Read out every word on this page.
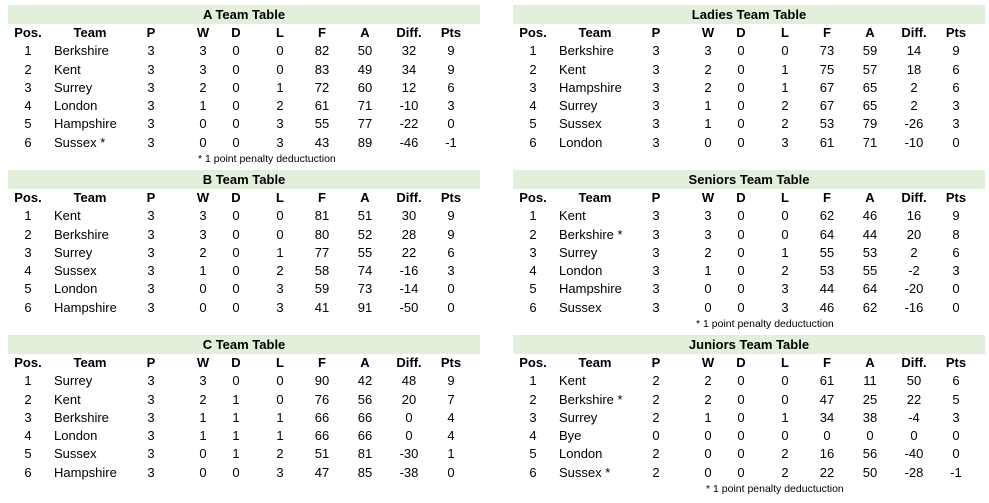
A Team Table
Pos.	Team	P	W	D	L	F	A	Diff.	Pts
1	Berkshire	3	3	0	0	82	50	32	9
2	Kent	3	3	0	0	83	49	34	9
3	Surrey	3	2	0	1	72	60	12	6
4	London	3	1	0	2	61	71	-10	3
5	Hampshire	3	0	0	3	55	77	-22	0
6	Sussex *	3	0	0	3	43	89	-46	-1
* 1 point penalty deductuction
Ladies Team Table
Pos.	Team	P	W	D	L	F	A	Diff.	Pts
1	Berkshire	3	3	0	0	73	59	14	9
2	Kent	3	2	0	1	75	57	18	6
3	Hampshire	3	2	0	1	67	65	2	6
4	Surrey	3	1	0	2	67	65	2	3
5	Sussex	3	1	0	2	53	79	-26	3
6	London	3	0	0	3	61	71	-10	0
B Team Table
Pos.	Team	P	W	D	L	F	A	Diff.	Pts
1	Kent	3	3	0	0	81	51	30	9
2	Berkshire	3	3	0	0	80	52	28	9
3	Surrey	3	2	0	1	77	55	22	6
4	Sussex	3	1	0	2	58	74	-16	3
5	London	3	0	0	3	59	73	-14	0
6	Hampshire	3	0	0	3	41	91	-50	0
Seniors Team Table
Pos.	Team	P	W	D	L	F	A	Diff.	Pts
1	Kent	3	3	0	0	62	46	16	9
2	Berkshire *	3	3	0	0	64	44	20	8
3	Surrey	3	2	0	1	55	53	2	6
4	London	3	1	0	2	53	55	-2	3
5	Hampshire	3	0	0	3	44	64	-20	0
6	Sussex	3	0	0	3	46	62	-16	0
* 1 point penalty deductuction
C Team Table
Pos.	Team	P	W	D	L	F	A	Diff.	Pts
1	Surrey	3	3	0	0	90	42	48	9
2	Kent	3	2	1	0	76	56	20	7
3	Berkshire	3	1	1	1	66	66	0	4
4	London	3	1	1	1	66	66	0	4
5	Sussex	3	0	1	2	51	81	-30	1
6	Hampshire	3	0	0	3	47	85	-38	0
Juniors Team Table
Pos.	Team	P	W	D	L	F	A	Diff.	Pts
1	Kent	2	2	0	0	61	11	50	6
2	Berkshire *	2	2	0	0	47	25	22	5
3	Surrey	2	1	0	1	34	38	-4	3
4	Bye	0	0	0	0	0	0	0	0
5	London	2	0	0	2	16	56	-40	0
6	Sussex *	2	0	0	2	22	50	-28	-1
* 1 point penalty deductuction
